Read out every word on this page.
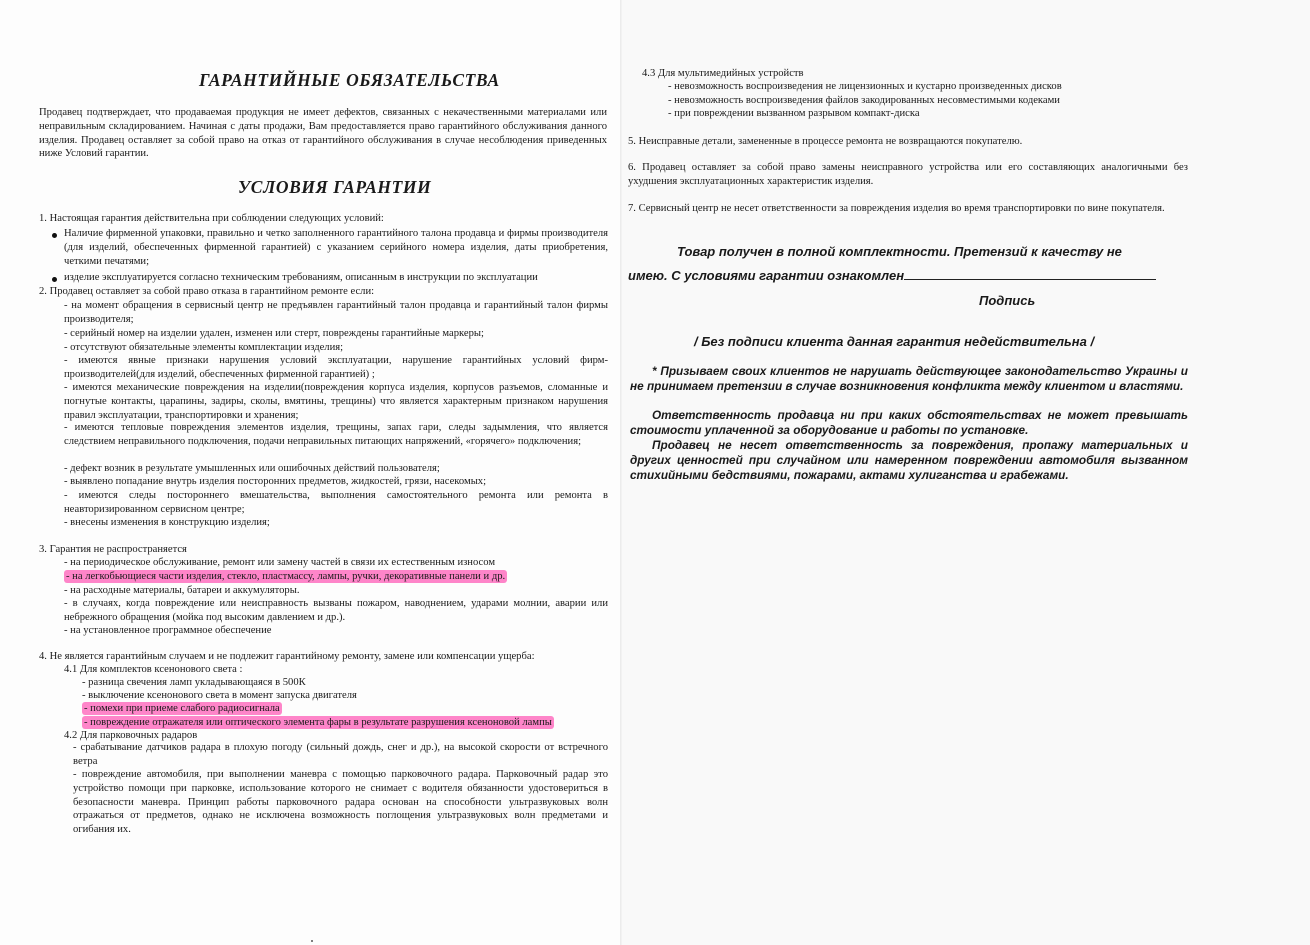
ГАРАНТИЙНЫЕ ОБЯЗАТЕЛЬСТВА

Продавец подтверждает, что продаваемая продукция не имеет дефектов, связанных с некачественными материалами или неправильным складированием. Начиная с даты продажи, Вам предоставляется право гарантийного обслуживания данного изделия. Продавец оставляет за собой право на отказ от гарантийного обслуживания в случае несоблюдения приведенных ниже Условий гарантии.

УСЛОВИЯ ГАРАНТИИ

1. Настоящая гарантия действительна при соблюдении следующих условий:

Наличие фирменной упаковки, правильно и четко заполненного гарантийного талона продавца и фирмы производителя (для изделий, обеспеченных фирменной гарантией) с указанием серийного номера изделия, даты приобретения, четкими печатями;

изделие эксплуатируется согласно техническим требованиям, описанным в инструкции по эксплуатации

2. Продавец оставляет за собой право отказа в гарантийном ремонте если:

- на момент обращения в сервисный центр не предъявлен гарантийный талон продавца и гарантийный талон фирмы производителя;

- серийный номер на изделии удален, изменен или стерт, повреждены гарантийные маркеры;

- отсутствуют обязательные элементы комплектации изделия;

- имеются явные признаки нарушения условий эксплуатации, нарушение гарантийных условий фирм-производителей(для изделий, обеспеченных фирменной гарантией) ;

- имеются механические повреждения на изделии(повреждения корпуса изделия, корпусов разъемов, сломанные и погнутые контакты, царапины, задиры, сколы, вмятины, трещины) что является характерным признаком нарушения правил эксплуатации, транспортировки и хранения;

- имеются тепловые повреждения элементов изделия, трещины, запах гари, следы задымления, что является следствием неправильного подключения, подачи неправильных питающих напряжений, «горячего» подключения;

- дефект возник в результате умышленных или ошибочных действий пользователя;

- выявлено попадание внутрь изделия посторонних предметов, жидкостей, грязи, насекомых;

- имеются следы постороннего вмешательства, выполнения самостоятельного ремонта или ремонта в неавторизированном сервисном центре;

- внесены изменения в конструкцию изделия;

3. Гарантия не распространяется

- на периодическое обслуживание, ремонт или замену частей в связи их естественным износом

- на легкобьющиеся части изделия, стекло, пластмассу, лампы, ручки, декоративные панели и др.

- на расходные материалы, батареи и аккумуляторы.

- в случаях, когда повреждение или неисправность вызваны пожаром, наводнением, ударами молнии, аварии или небрежного обращения (мойка под высоким давлением и др.).

- на установленное программное обеспечение

4. Не является гарантийным случаем и не подлежит гарантийному ремонту, замене или компенсации ущерба:

4.1 Для комплектов ксенонового света :

- разница свечения ламп укладывающаяся в 500К

- выключение ксенонового света в момент запуска двигателя

- помехи при приеме слабого радиосигнала

- повреждение отражателя или оптического элемента фары в результате разрушения ксеноновой лампы

4.2 Для парковочных радаров

- срабатывание датчиков радара в плохую погоду (сильный дождь, снег и др.), на высокой скорости от встречного ветра

- повреждение автомобиля, при выполнении маневра с помощью парковочного радара. Парковочный радар это устройство помощи при парковке, использование которого не снимает с водителя обязанности удостовериться в безопасности маневра. Принцип работы парковочного радара основан на способности ультразвуковых волн отражаться от предметов, однако не исключена возможность поглощения ультразвуковых волн предметами и огибания их.

4.3 Для мультимедийных устройств

- невозможность воспроизведения не лицензионных и кустарно произведенных дисков

- невозможность воспроизведения файлов закодированных несовместимыми кодеками

- при повреждении вызванном разрывом компакт-диска

5. Неисправные детали, замененные в процессе ремонта не возвращаются покупателю.

6. Продавец оставляет за собой право замены неисправного устройства или его составляющих аналогичными без ухудшения эксплуатационных характеристик изделия.

7. Сервисный центр не несет ответственности за повреждения изделия во время транспортировки по вине покупателя.

Товар получен в полной комплектности. Претензий к качеству не

имею. С условиями гарантии ознакомлен

Подпись

/ Без подписи клиента данная гарантия недействительна /

* Призываем своих клиентов не нарушать действующее законодательство Украины и не принимаем претензии в случае возникновения конфликта между клиентом и властями.

Ответственность продавца ни при каких обстоятельствах не может превышать стоимости уплаченной за оборудование и работы по установке.

Продавец не несет ответственность за повреждения, пропажу материальных и других ценностей при случайном или намеренном повреждении автомобиля вызванном стихийными бедствиями, пожарами, актами хулиганства и грабежами.
